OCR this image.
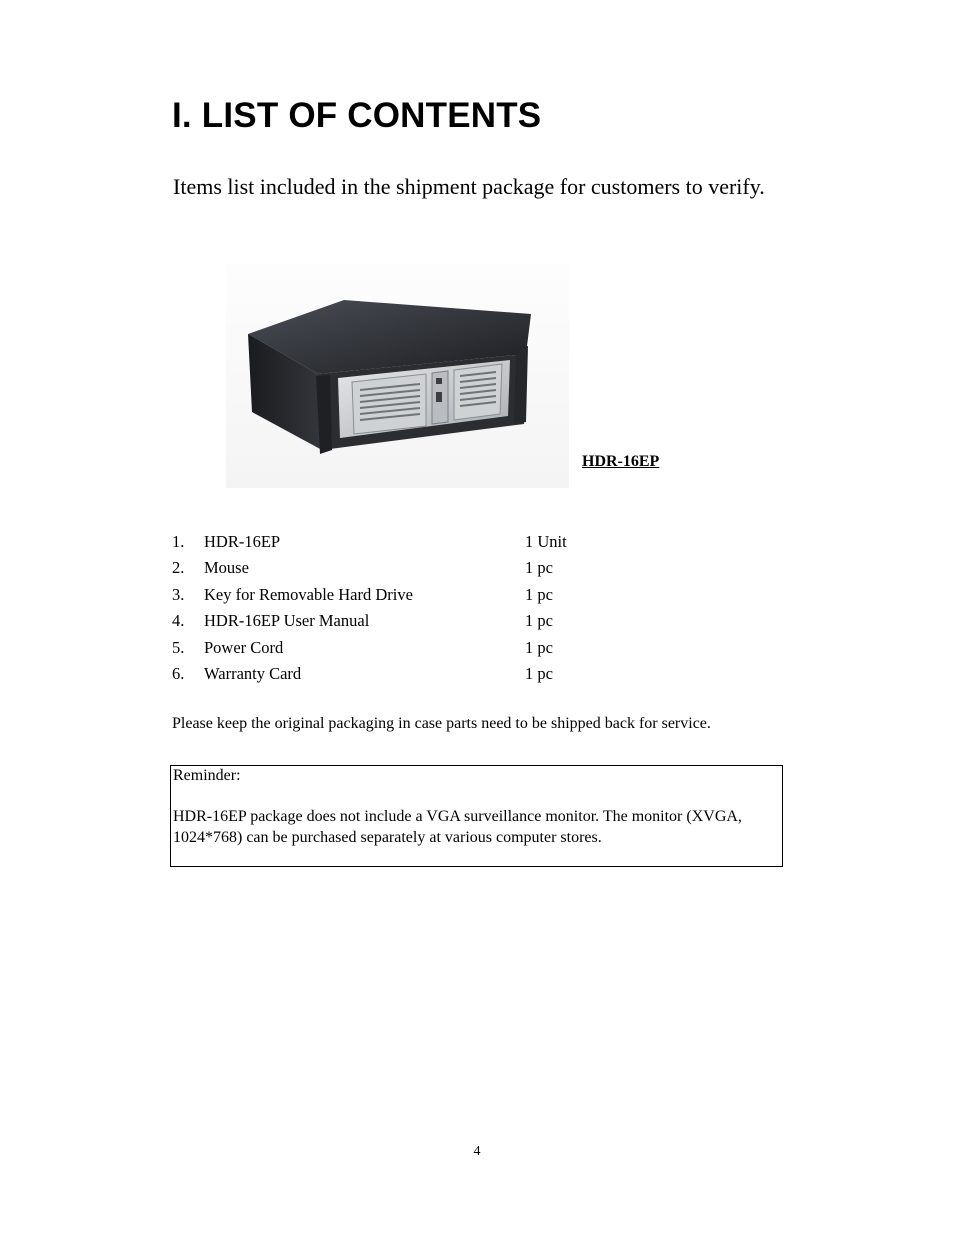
I. LIST OF CONTENTS

Items list included in the shipment package for customers to verify.

HDR-16EP
1. HDR-16EP	1 Unit
2. Mouse	1 pc
3. Key for Removable Hard Drive	1 pc
4. HDR-16EP User Manual	1 pc
5. Power Cord	1 pc
6. Warranty Card	1 pc

Please keep the original packaging in case parts need to be shipped back for service.

Reminder:

HDR-16EP package does not include a VGA surveillance monitor. The monitor (XVGA, 1024*768) can be purchased separately at various computer stores.

4
